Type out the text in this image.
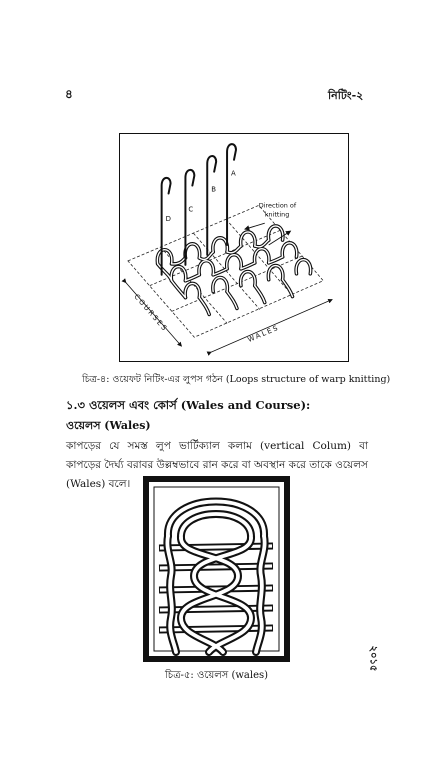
৪	নিটিং-২
A
B
C
D
Direction of
knitting
COURSES
WALES
চিত্র-৪: ওয়েফট নিটিং-এর লুপস গঠন (Loops structure of warp knitting)
১.৩ ওয়েলস এবং কোর্স (Wales and Course):
ওয়েলস (Wales)
কাপড়ের যে সমস্ত লুপ ভার্টিক্যাল কলাম (vertical Colum) বা কাপড়ের দৈর্ঘ্য বরাবর উল্লম্বভাবে রান করে বা অবস্থান করে তাকে ওয়েলস (Wales) বলে।
চিত্র-৫: ওয়েলস (wales)
২০১৫
